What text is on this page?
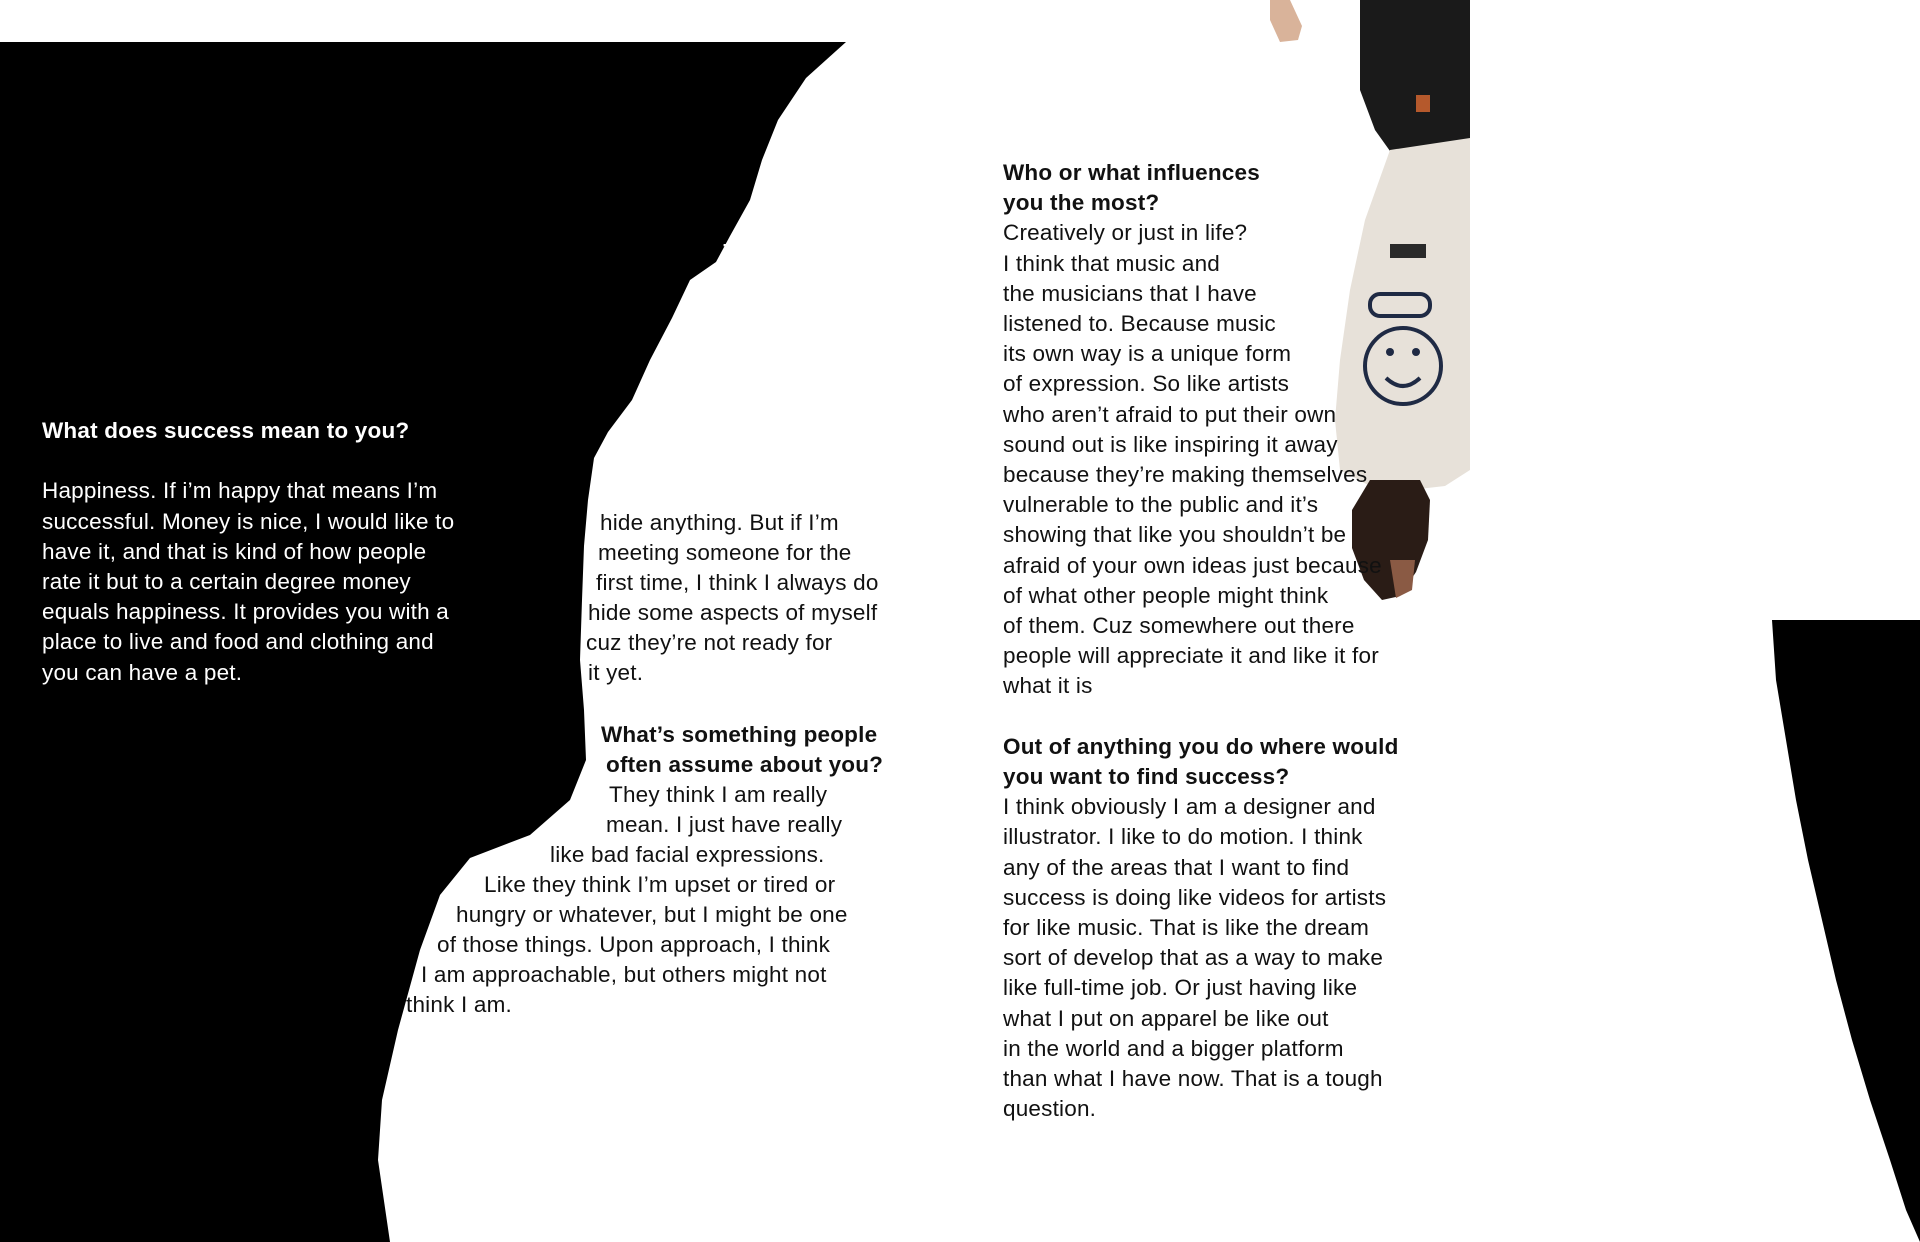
What does success mean to you?

Happiness. If i’m happy that means I’m
successful. Money is nice, I would like to
have it, and that is kind of how people
rate it but to a certain degree money
equals happiness. It provides you with a
place to live and food and clothing and
you can have a pet.
Do you ever
have to hide
parts of your
identity?
I’d say I used to
have to yeah.
Not so much
anymore. I think
it just depends
on who I’m with and
certain situations. Like
at school I can not really
hide anything. But if I’m
meeting someone for the
first time, I think I always do
hide some aspects of myself
cuz they’re not ready for
it yet.
What’s something people
often assume about you?
They think I am really
mean. I just have really
like bad facial expressions.
Like they think I’m upset or tired or
hungry or whatever, but I might be one
of those things. Upon approach, I think
I am approachable, but others might not
think I am.
Who or what influences
you the most?
Creatively or just in life?
I think that music and
the musicians that I have
listened to. Because music
its own way is a unique form
of expression. So like artists
who aren’t afraid to put their own
sound out is like inspiring it away
because they’re making themselves
vulnerable to the public and it’s
showing that like you shouldn’t be
afraid of your own ideas just because
of what other people might think
of them. Cuz somewhere out there
people will appreciate it and like it for
what it is

Out of anything you do where would
you want to find success?
I think obviously I am a designer and
illustrator. I like to do motion. I think
any of the areas that I want to find
success is doing like videos for artists
for like music. That is like the dream
sort of develop that as a way to make
like full-time job. Or just having like
what I put on apparel be like out
in the world and a bigger platform
than what I have now. That is a tough
question.
